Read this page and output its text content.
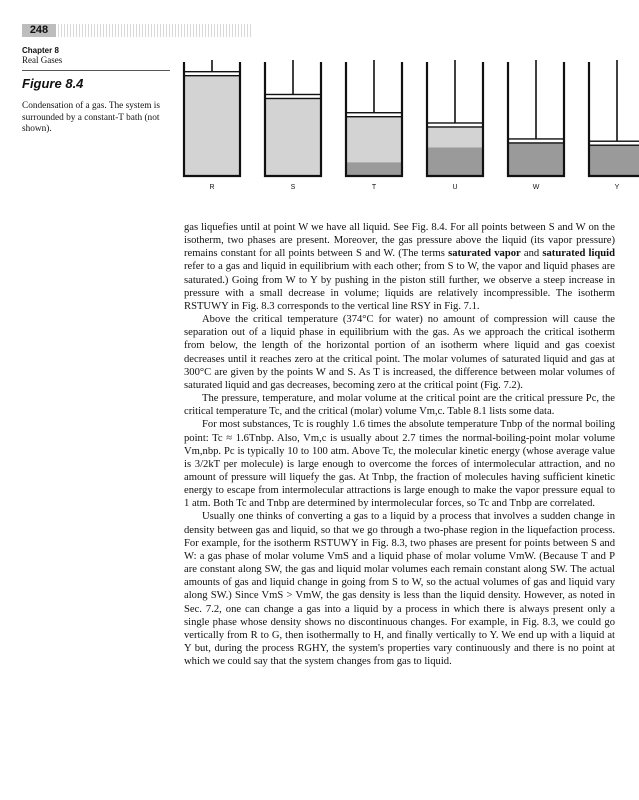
248
Chapter 8
Real Gases
Figure 8.4
Condensation of a gas. The system is surrounded by a constant-T bath (not shown).
R	S	T	U	W	Y

gas liquefies until at point W we have all liquid. See Fig. 8.4. For all points between S and W on the isotherm, two phases are present. Moreover, the gas pressure above the liquid (its vapor pressure) remains constant for all points between S and W. (The terms saturated vapor and saturated liquid refer to a gas and liquid in equilibrium with each other; from S to W, the vapor and liquid phases are saturated.) Going from W to Y by pushing in the piston still further, we observe a steep increase in pressure with a small decrease in volume; liquids are relatively incompressible. The isotherm RSTUWY in Fig. 8.3 corresponds to the vertical line RSY in Fig. 7.1.

Above the critical temperature (374°C for water) no amount of compression will cause the separation out of a liquid phase in equilibrium with the gas. As we approach the critical isotherm from below, the length of the horizontal portion of an isotherm where liquid and gas coexist decreases until it reaches zero at the critical point. The molar volumes of saturated liquid and gas at 300°C are given by the points W and S. As T is increased, the difference between molar volumes of saturated liquid and gas decreases, becoming zero at the critical point (Fig. 7.2).

The pressure, temperature, and molar volume at the critical point are the critical pressure Pc, the critical temperature Tc, and the critical (molar) volume Vm,c. Table 8.1 lists some data.

For most substances, Tc is roughly 1.6 times the absolute temperature Tnbp of the normal boiling point: Tc ≈ 1.6Tnbp. Also, Vm,c is usually about 2.7 times the normal-boiling-point molar volume Vm,nbp. Pc is typically 10 to 100 atm. Above Tc, the molecular kinetic energy (whose average value is 3/2kT per molecule) is large enough to overcome the forces of intermolecular attraction, and no amount of pressure will liquefy the gas. At Tnbp, the fraction of molecules having sufficient kinetic energy to escape from intermolecular attractions is large enough to make the vapor pressure equal to 1 atm. Both Tc and Tnbp are determined by intermolecular forces, so Tc and Tnbp are correlated.

Usually one thinks of converting a gas to a liquid by a process that involves a sudden change in density between gas and liquid, so that we go through a two-phase region in the liquefaction process. For example, for the isotherm RSTUWY in Fig. 8.3, two phases are present for points between S and W: a gas phase of molar volume VmS and a liquid phase of molar volume VmW. (Because T and P are constant along SW, the gas and liquid molar volumes each remain constant along SW. The actual amounts of gas and liquid change in going from S to W, so the actual volumes of gas and liquid vary along SW.) Since VmS > VmW, the gas density is less than the liquid density. However, as noted in Sec. 7.2, one can change a gas into a liquid by a process in which there is always present only a single phase whose density shows no discontinuous changes. For example, in Fig. 8.3, we could go vertically from R to G, then isothermally to H, and finally vertically to Y. We end up with a liquid at Y but, during the process RGHY, the system's properties vary continuously and there is no point at which we could say that the system changes from gas to liquid.
